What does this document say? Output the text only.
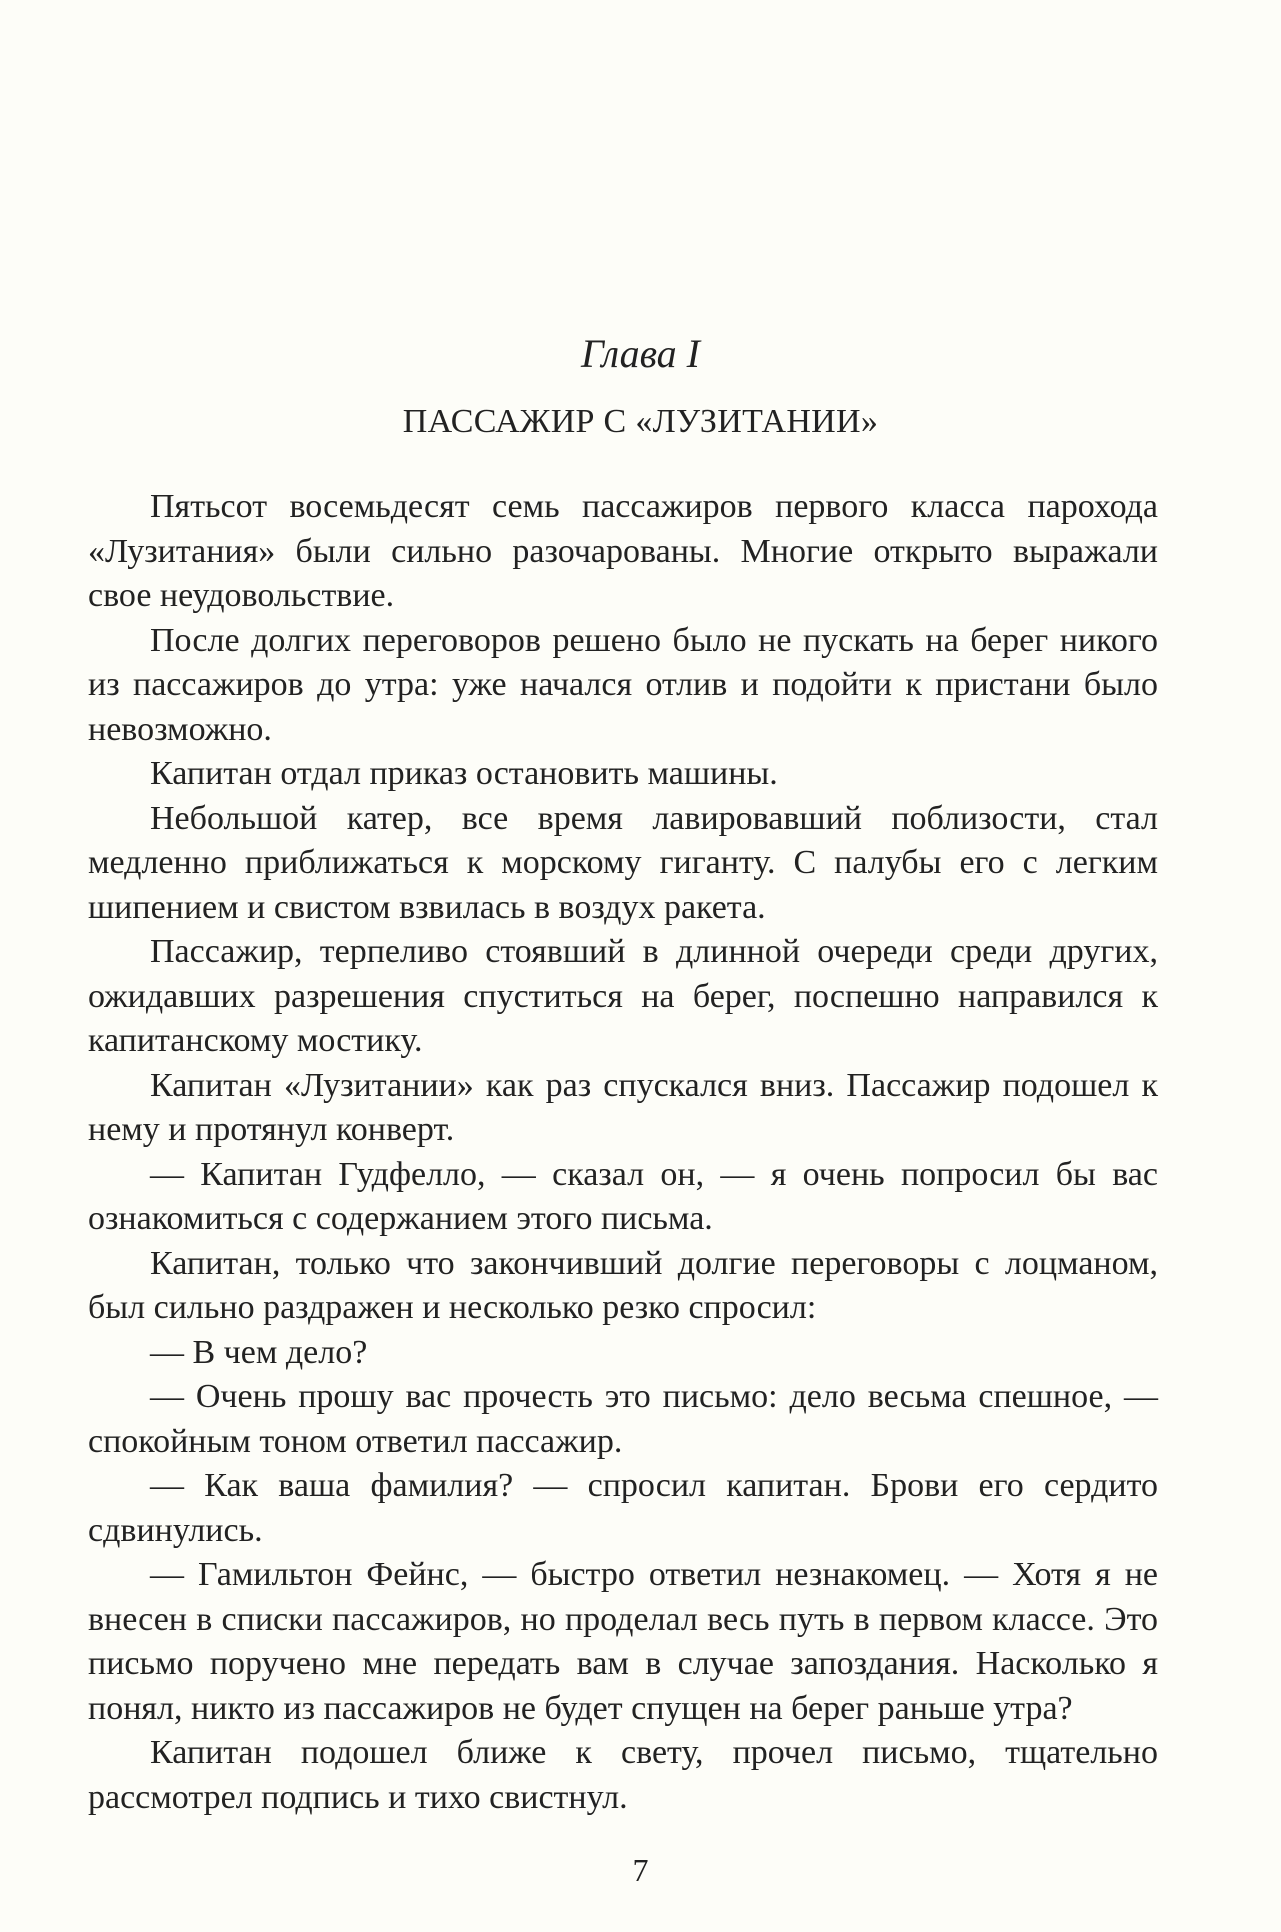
Глава I
ПАССАЖИР С «ЛУЗИТАНИИ»

Пятьсот восемьдесят семь пассажиров первого класса парохода «Лузитания» были сильно разочарованы. Многие открыто выражали свое неудовольствие.

После долгих переговоров решено было не пускать на берег никого из пассажиров до утра: уже начался отлив и подойти к пристани было невозможно.

Капитан отдал приказ остановить машины.

Небольшой катер, все время лавировавший поблизости, стал медленно приближаться к морскому гиганту. С палубы его с легким шипением и свистом взвилась в воздух ракета.

Пассажир, терпеливо стоявший в длинной очереди среди других, ожидавших разрешения спуститься на берег, поспешно направился к капитанскому мостику.

Капитан «Лузитании» как раз спускался вниз. Пассажир подошел к нему и протянул конверт.

— Капитан Гудфелло, — сказал он, — я очень попросил бы вас ознакомиться с содержанием этого письма.

Капитан, только что закончивший долгие переговоры с лоцманом, был сильно раздражен и несколько резко спросил:

— В чем дело?

— Очень прошу вас прочесть это письмо: дело весьма спешное, — спокойным тоном ответил пассажир.

— Как ваша фамилия? — спросил капитан. Брови его сердито сдвинулись.

— Гамильтон Фейнс, — быстро ответил незнакомец. — Хотя я не внесен в списки пассажиров, но проделал весь путь в первом классе. Это письмо поручено мне передать вам в случае запоздания. Насколько я понял, никто из пассажиров не будет спущен на берег раньше утра?

Капитан подошел ближе к свету, прочел письмо, тщательно рассмотрел подпись и тихо свистнул.

7
